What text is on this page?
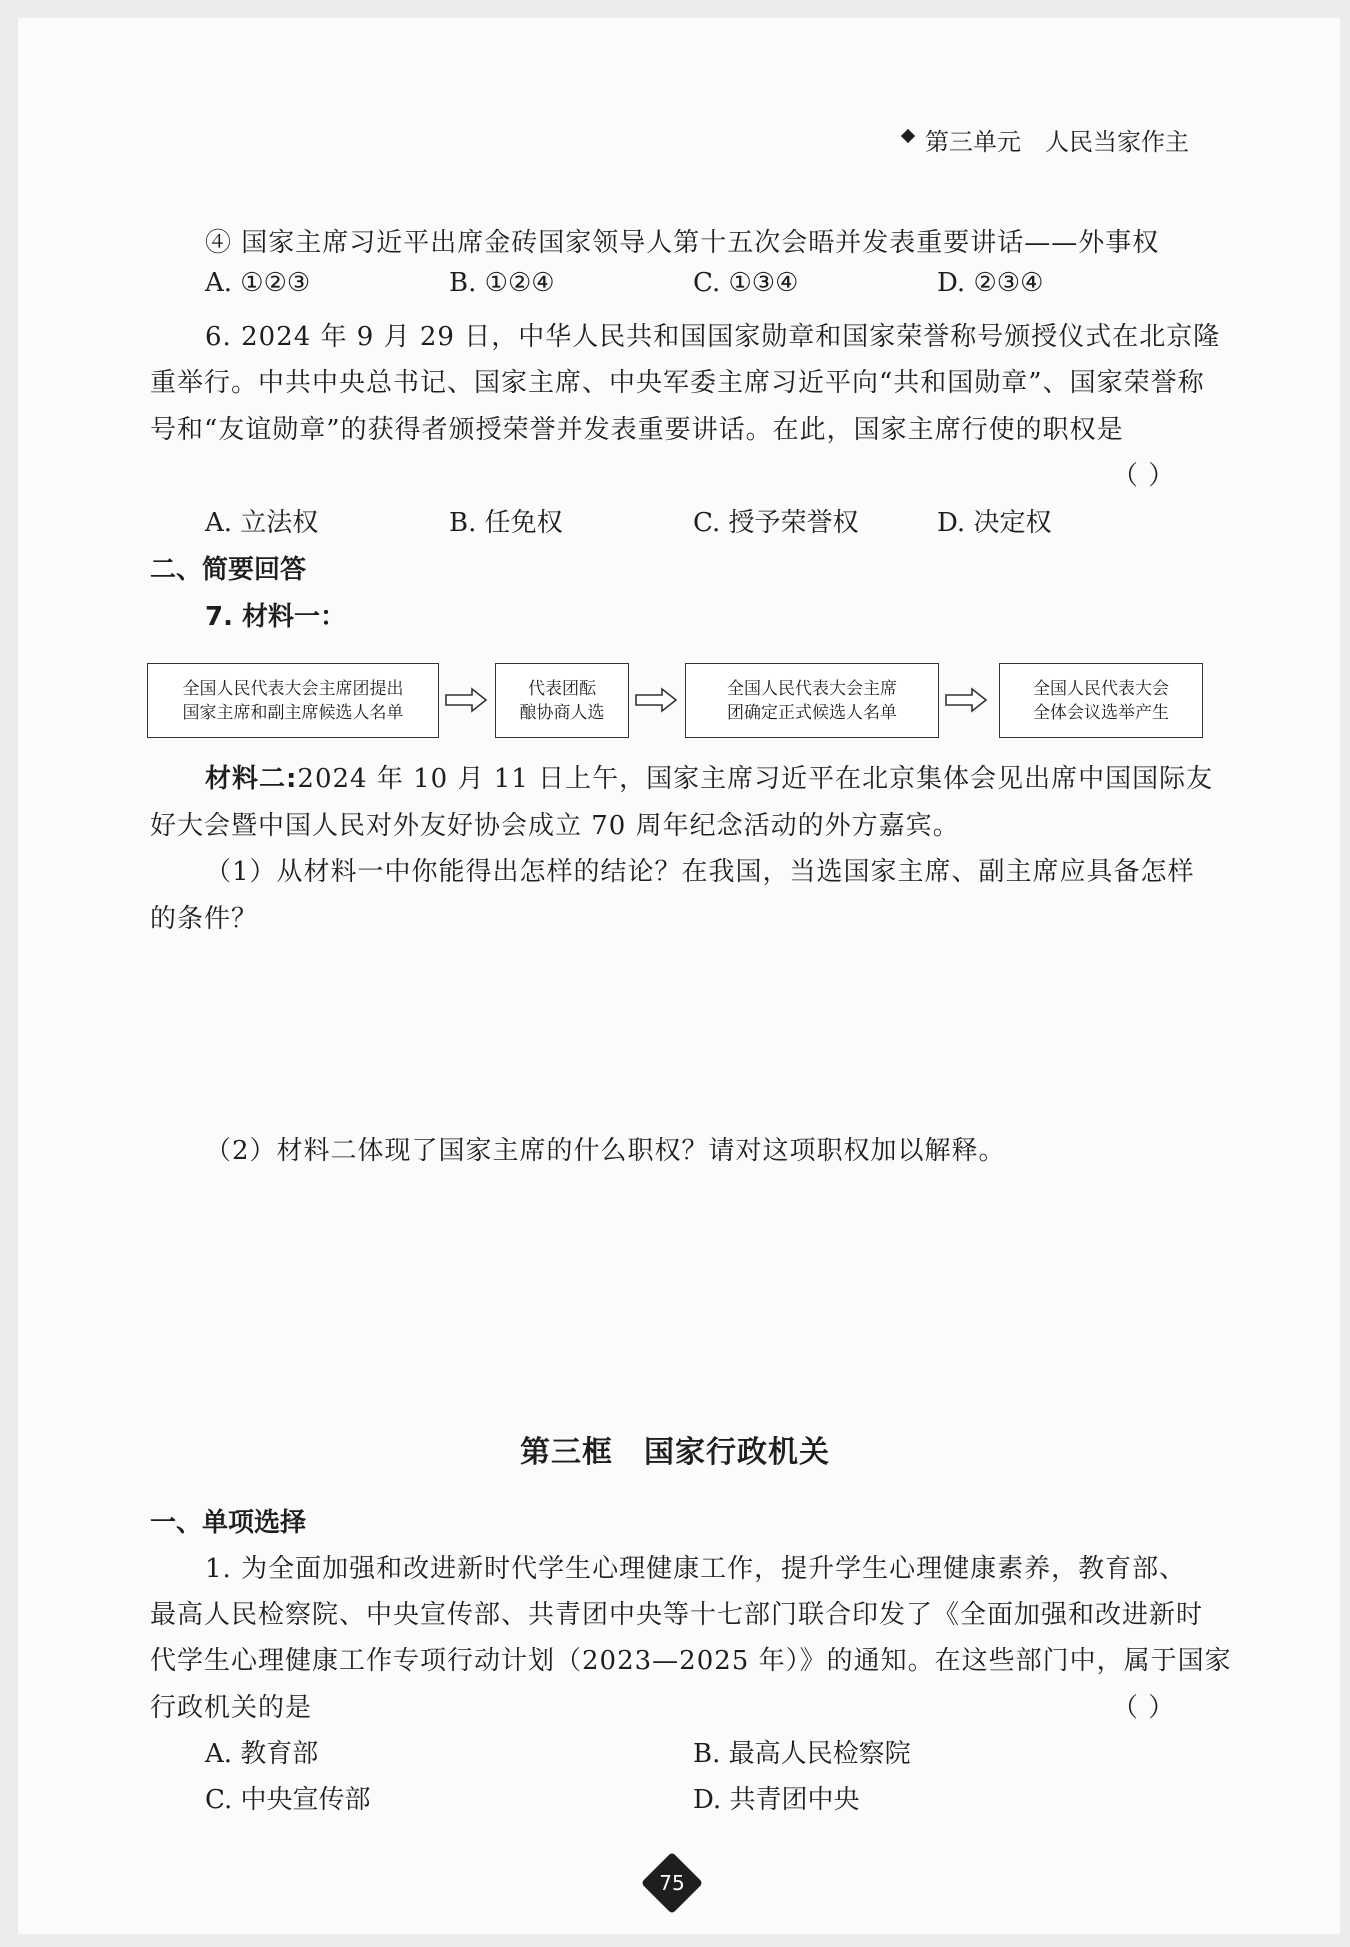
第三单元　 人民当家作主
④ 国家主席习近平出席金砖国家领导人第十五次会晤并发表重要讲话——外事权
A. ①②③	B. ①②④	C. ①③④	D. ②③④
6. 2024 年 9 月 29 日，中华人民共和国国家勋章和国家荣誉称号颁授仪式在北京隆
重举行。中共中央总书记、国家主席、中央军委主席习近平向“共和国勋章”、国家荣誉称
号和“友谊勋章”的获得者颁授荣誉并发表重要讲话。在此，国家主席行使的职权是
（ ）
A. 立法权	B. 任免权	C. 授予荣誉权	D. 决定权
二、简要回答
7. 材料一：
全国人民代表大会主席团提出
国家主席和副主席候选人名单
代表团酝
酿协商人选
全国人民代表大会主席
团确定正式候选人名单
全国人民代表大会
全体会议选举产生
材料二:2024 年 10 月 11 日上午，国家主席习近平在北京集体会见出席中国国际友
好大会暨中国人民对外友好协会成立 70 周年纪念活动的外方嘉宾。
（1）从材料一中你能得出怎样的结论？在我国，当选国家主席、副主席应具备怎样
的条件？
（2）材料二体现了国家主席的什么职权？请对这项职权加以解释。
第三框　国家行政机关
一、单项选择
1. 为全面加强和改进新时代学生心理健康工作，提升学生心理健康素养，教育部、
最高人民检察院、中央宣传部、共青团中央等十七部门联合印发了《全面加强和改进新时
代学生心理健康工作专项行动计划（2023—2025 年）》的通知。在这些部门中，属于国家
行政机关的是	（ ）
A. 教育部	B. 最高人民检察院
C. 中央宣传部	D. 共青团中央
75
